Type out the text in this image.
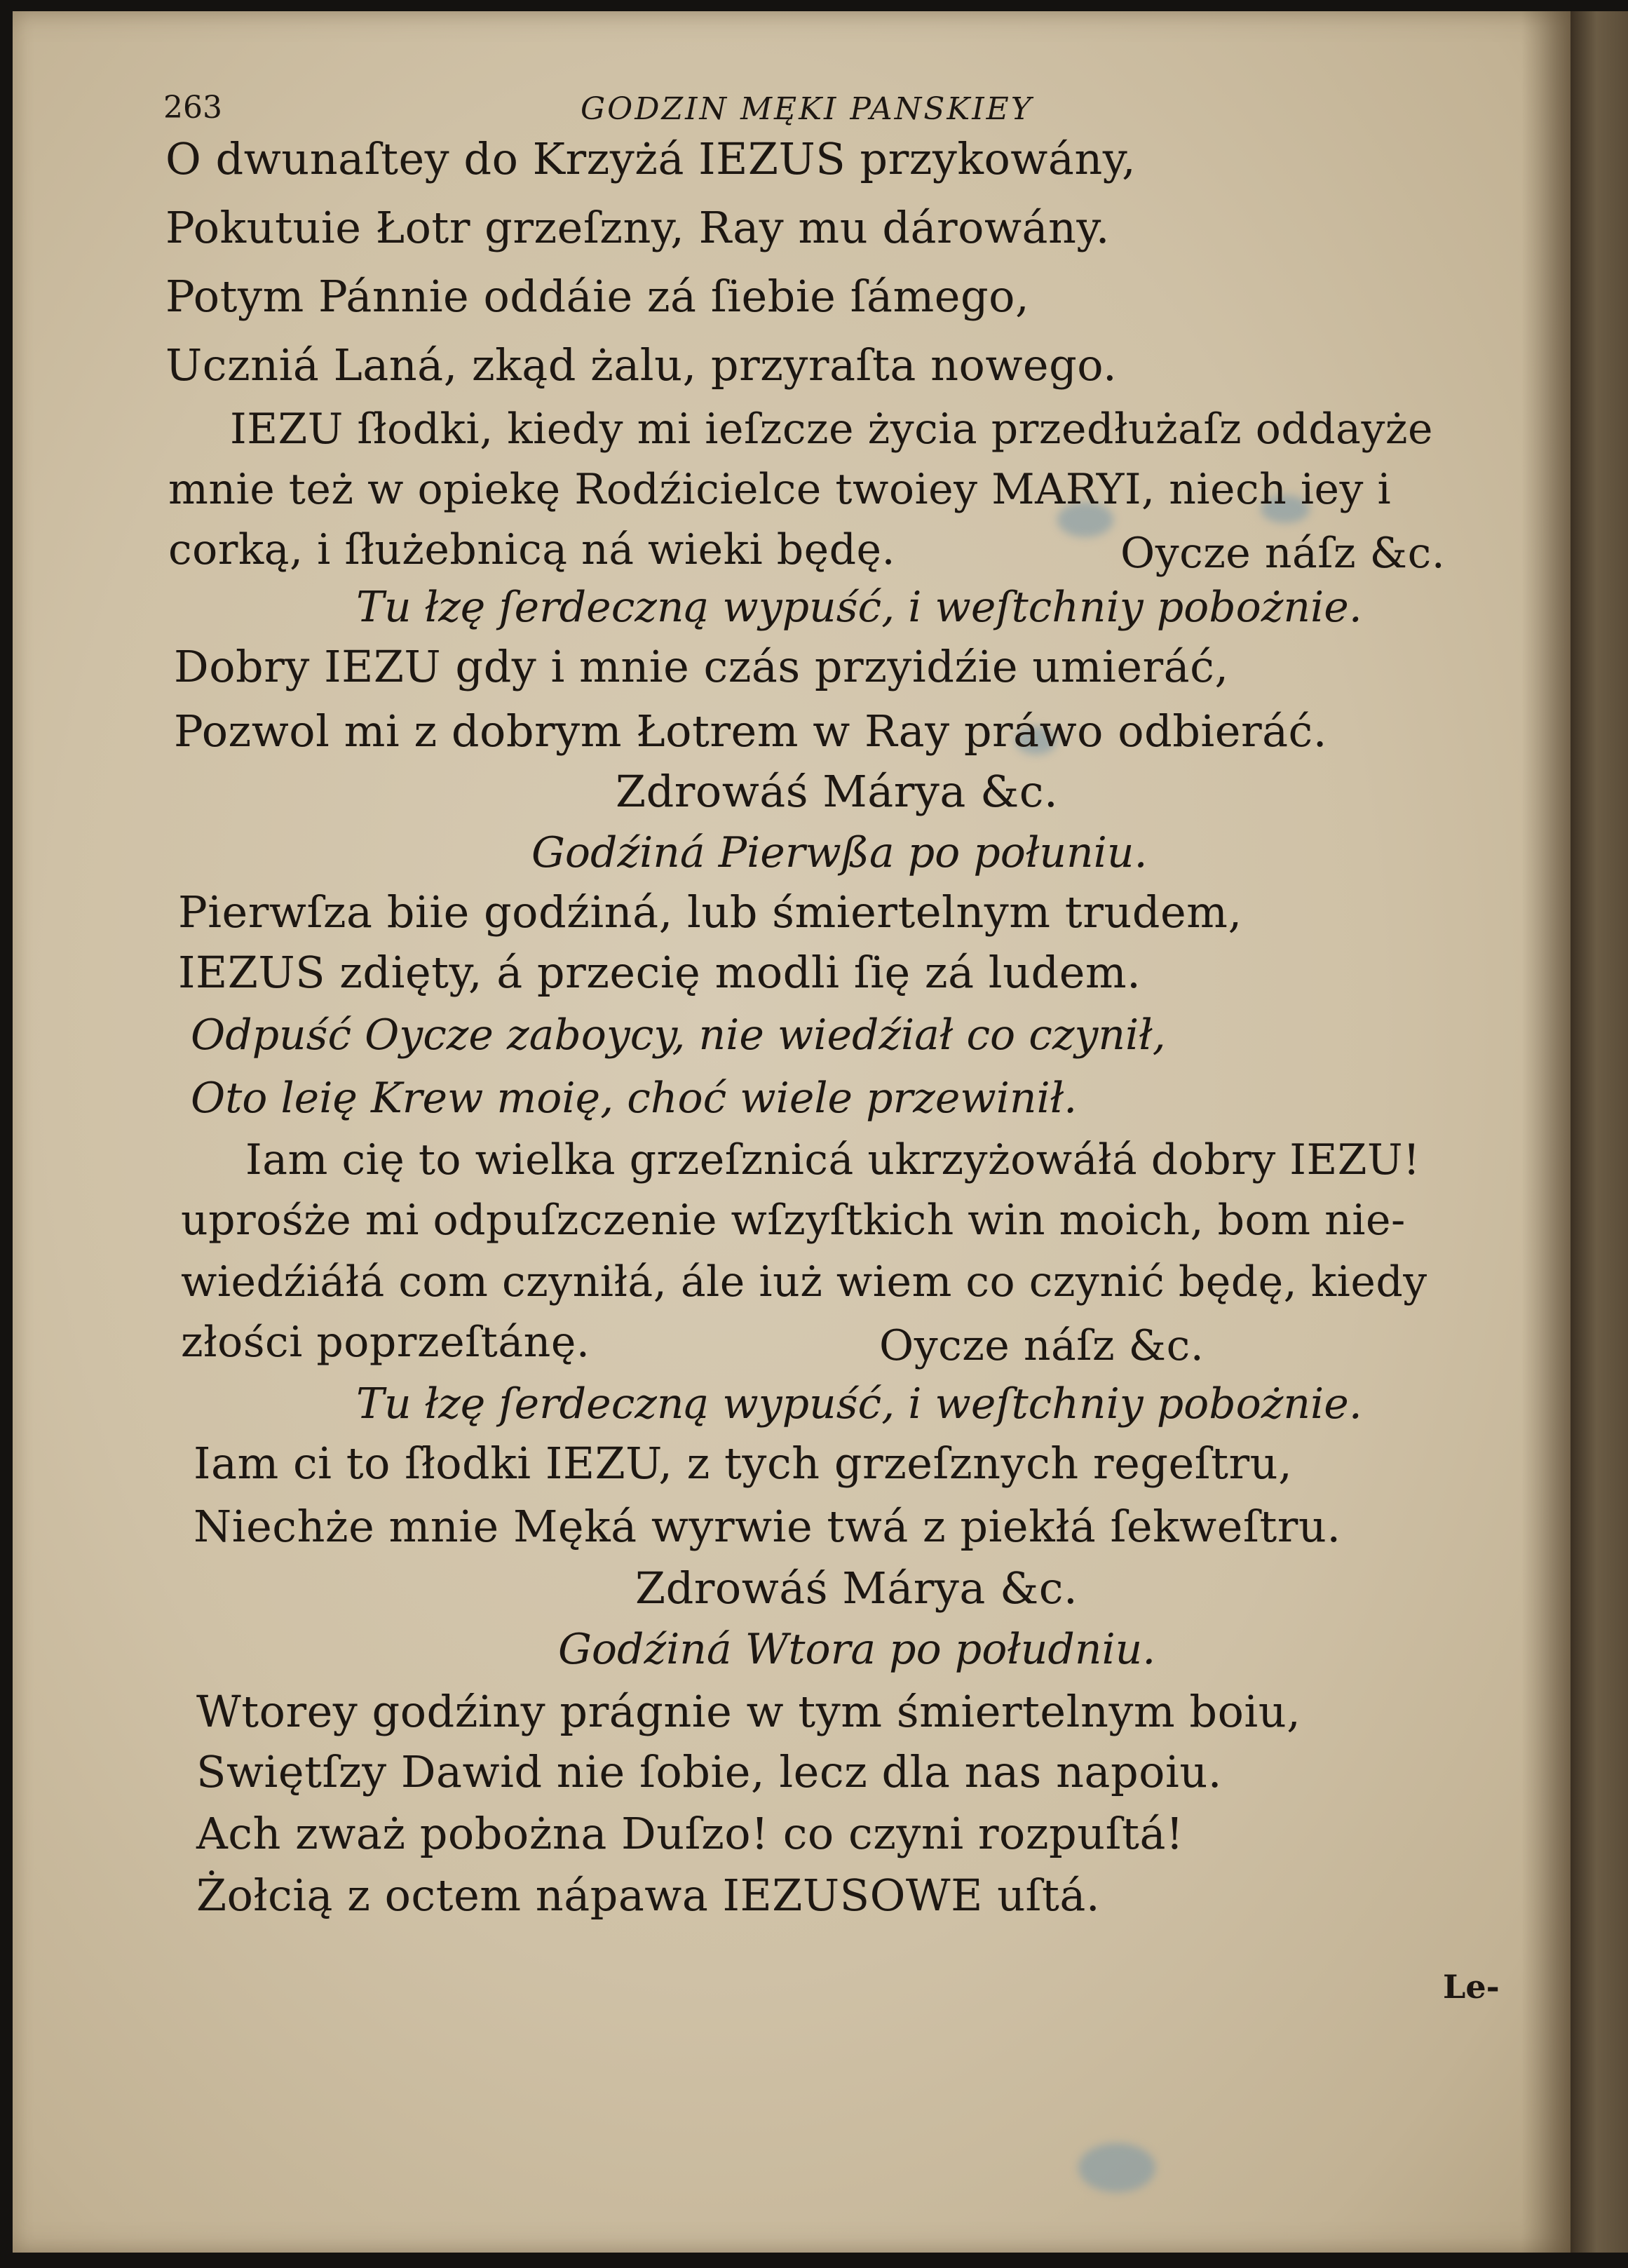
263	GODZIN MĘKI PANSKIEY
O dwunaſtey do Krzyżá IEZUS przykowány,
Pokutuie Łotr grzeſzny, Ray mu dárowány.
Potym Pánnie oddáie zá ſiebie ſámego,
Uczniá Laná, zkąd żalu, przyraſta nowego.
IEZU ſłodki, kiedy mi ieſzcze życia przedłużaſz oddayże
mnie też w opiekę Rodźicielce twoiey MARYI, niech iey i
corką, i ſłużebnicą ná wieki będę.	Oycze náſz &c.
Tu łzę ſerdeczną wypuść, i weſtchniy pobożnie.
Dobry IEZU gdy i mnie czás przyidźie umieráć,
Pozwol mi z dobrym Łotrem w Ray práwo odbieráć.
Zdrowáś Márya &c.
Godźiná Pierwßa po połuniu.
Pierwſza biie godźiná, lub śmiertelnym trudem,
IEZUS zdięty, á przecię modli ſię zá ludem.
Odpuść Oycze zaboycy, nie wiedźiał co czynił,
Oto leię Krew moię, choć wiele przewinił.
Iam cię to wielka grzeſznicá ukrzyżowáłá dobry IEZU!
uprośże mi odpuſzczenie wſzyſtkich win moich, bom nie-
wiedźiáłá com czyniłá, ále iuż wiem co czynić będę, kiedy
złości poprzeſtánę.	Oycze náſz &c.
Tu łzę ſerdeczną wypuść, i weſtchniy pobożnie.
Iam ci to ſłodki IEZU, z tych grzeſznych regeſtru,
Niechże mnie Męká wyrwie twá z piekłá ſekweſtru.
Zdrowáś Márya &c.
Godźiná Wtora po południu.
Wtorey godźiny prágnie w tym śmiertelnym boiu,
Swiętſzy Dawid nie ſobie, lecz dla nas napoiu.
Ach zważ pobożna Duſzo! co czyni rozpuſtá!
Żołcią z octem nápawa IEZUSOWE uſtá.
Le-
